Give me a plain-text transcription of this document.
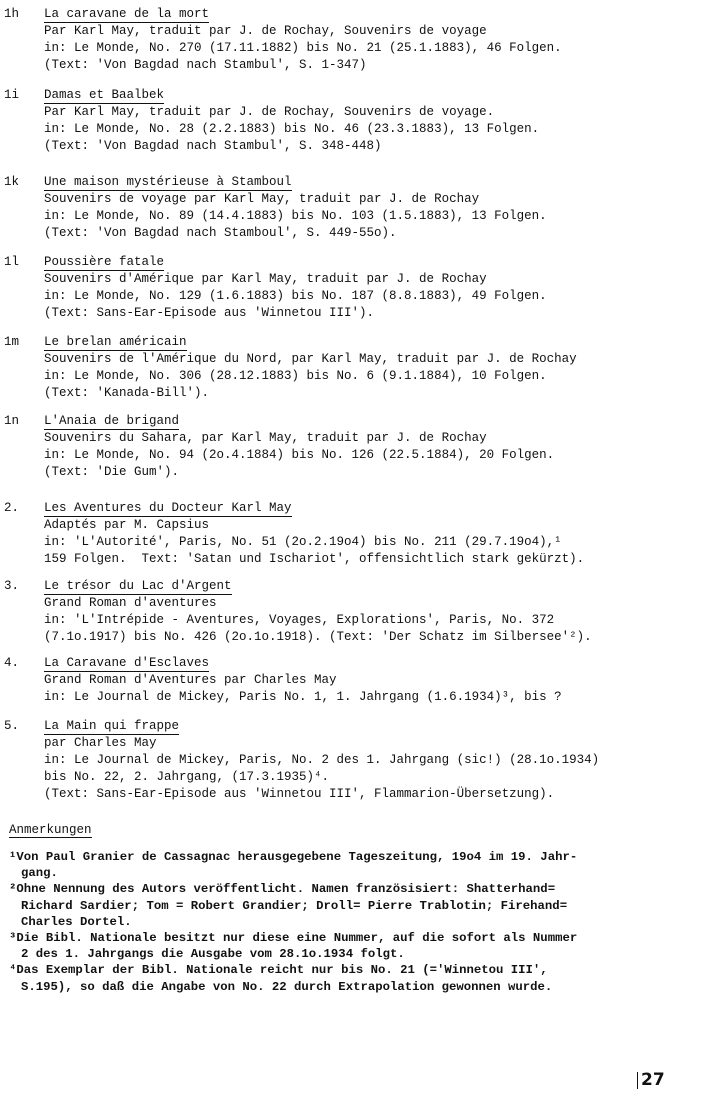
1h La caravane de la mort
Par Karl May, traduit par J. de Rochay, Souvenirs de voyage
in: Le Monde, No. 270 (17.11.1882) bis No. 21 (25.1.1883), 46 Folgen.
(Text: 'Von Bagdad nach Stambul', S. 1-347)
1i Damas et Baalbek
Par Karl May, traduit par J. de Rochay, Souvenirs de voyage.
in: Le Monde, No. 28 (2.2.1883) bis No. 46 (23.3.1883), 13 Folgen.
(Text: 'Von Bagdad nach Stambul', S. 348-448)
1k Une maison mystérieuse à Stamboul
Souvenirs de voyage par Karl May, traduit par J. de Rochay
in: Le Monde, No. 89 (14.4.1883) bis No. 103 (1.5.1883), 13 Folgen.
(Text: 'Von Bagdad nach Stamboul', S. 449-55o).
1l Poussière fatale
Souvenirs d'Amérique par Karl May, traduit par J. de Rochay
in: Le Monde, No. 129 (1.6.1883) bis No. 187 (8.8.1883), 49 Folgen.
(Text: Sans-Ear-Episode aus 'Winnetou III').
1m Le brelan américain
Souvenirs de l'Amérique du Nord, par Karl May, traduit par J. de Rochay
in: Le Monde, No. 306 (28.12.1883) bis No. 6 (9.1.1884), 10 Folgen.
(Text: 'Kanada-Bill').
1n L'Anaia de brigand
Souvenirs du Sahara, par Karl May, traduit par J. de Rochay
in: Le Monde, No. 94 (2o.4.1884) bis No. 126 (22.5.1884), 20 Folgen.
(Text: 'Die Gum').
2. Les Aventures du Docteur Karl May
Adaptés par M. Capsius
in: 'L'Autorité', Paris, No. 51 (2o.2.19o4) bis No. 211 (29.7.19o4),¹
159 Folgen.  Text: 'Satan und Ischariot', offensichtlich stark gekürzt).
3. Le trésor du Lac d'Argent
Grand Roman d'aventures
in: 'L'Intrépide - Aventures, Voyages, Explorations', Paris, No. 372
(7.1o.1917) bis No. 426 (2o.1o.1918). (Text: 'Der Schatz im Silbersee'²).
4. La Caravane d'Esclaves
Grand Roman d'Aventures par Charles May
in: Le Journal de Mickey, Paris No. 1, 1. Jahrgang (1.6.1934)³, bis ?
5. La Main qui frappe
par Charles May
in: Le Journal de Mickey, Paris, No. 2 des 1. Jahrgang (sic!) (28.1o.1934)
bis No. 22, 2. Jahrgang, (17.3.1935)⁴.
(Text: Sans-Ear-Episode aus 'Winnetou III', Flammarion-Übersetzung).
Anmerkungen
¹Von Paul Granier de Cassagnac herausgegebene Tageszeitung, 19o4 im 19. Jahr-
gang.
²Ohne Nennung des Autors veröffentlicht. Namen französisiert: Shatterhand=
Richard Sardier; Tom = Robert Grandier; Droll= Pierre Trablotin; Firehand=
Charles Dortel.
³Die Bibl. Nationale besitzt nur diese eine Nummer, auf die sofort als Nummer
2 des 1. Jahrgangs die Ausgabe vom 28.1o.1934 folgt.
⁴Das Exemplar der Bibl. Nationale reicht nur bis No. 21 (='Winnetou III',
S.195), so daß die Angabe von No. 22 durch Extrapolation gewonnen wurde.
27
